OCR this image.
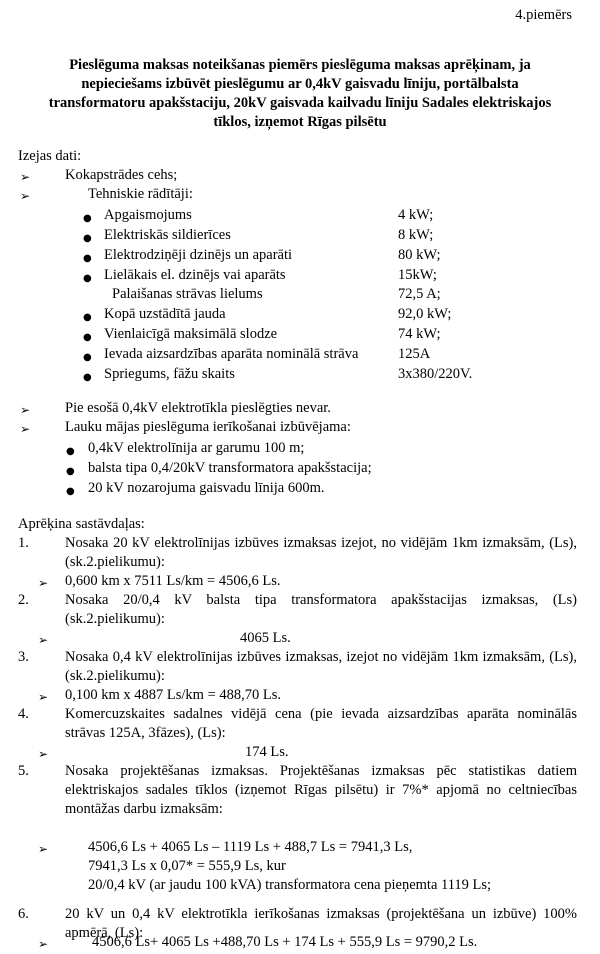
4.piemērs
Pieslēguma maksas noteikšanas piemērs pieslēguma maksas aprēķinam, ja
nepieciešams izbūvēt pieslēgumu ar 0,4kV gaisvadu līniju, portālbalsta
transformatoru apakšstaciju, 20kV gaisvada kailvadu līniju Sadales elektriskajos
tīklos, izņemot Rīgas pilsētu
Izejas dati:
➢ Kokapstrādes cehs;
➢	Tehniskie rādītāji:
● Apgaismojums	4 kW;
● Elektriskās sildierīces	8 kW;
● Elektrodziņēji dzinējs un aparāti	80 kW;
● Lielākais el. dzinējs vai aparāts	15kW;
Palaišanas strāvas lielums	72,5 A;
● Kopā uzstādītā jauda	92,0 kW;
● Vienlaicīgā maksimālā slodze	74 kW;
● Ievada aizsardzības aparāta nominālā strāva	125A
● Spriegums, fāžu skaits	3x380/220V.
➢ Pie esošā 0,4kV elektrotīkla pieslēgties nevar.
➢ Lauku mājas pieslēguma ierīkošanai izbūvējama:
● 0,4kV elektrolīnija ar garumu 100 m;
● balsta tipa 0,4/20kV transformatora apakšstacija;
● 20 kV nozarojuma gaisvadu līnija 600m.
Aprēķina sastāvdaļas:
1. Nosaka 20 kV elektrolīnijas izbūves izmaksas izejot, no vidējām 1km izmaksām, (Ls), (sk.2.pielikumu):
➢ 0,600 km x 7511 Ls/km = 4506,6 Ls.
2. Nosaka 20/0,4 kV balsta tipa transformatora apakšstacijas izmaksas, (Ls) (sk.2.pielikumu):
➢	4065 Ls.
3. Nosaka 0,4 kV elektrolīnijas izbūves izmaksas, izejot no vidējām 1km izmaksām, (Ls), (sk.2.pielikumu):
➢ 0,100 km x 4887 Ls/km = 488,70 Ls.
4. Komercuzskaites sadalnes vidējā cena (pie ievada aizsardzības aparāta nominālās strāvas 125A, 3fāzes), (Ls):
➢	174 Ls.
5. Nosaka projektēšanas izmaksas. Projektēšanas izmaksas pēc statistikas datiem elektriskajos sadales tīklos (izņemot Rīgas pilsētu) ir 7%* apjomā no celtniecības montāžas darbu izmaksām:
➢	4506,6 Ls + 4065 Ls – 1119 Ls + 488,7 Ls = 7941,3 Ls,
7941,3 Ls x 0,07* = 555,9 Ls, kur
20/0,4 kV (ar jaudu 100 kVA) transformatora cena pieņemta 1119 Ls;
6. 20 kV un 0,4 kV elektrotīkla ierīkošanas izmaksas (projektēšana un izbūve) 100% apmērā, (Ls):
➢	4506,6 Ls+ 4065 Ls +488,70 Ls + 174 Ls + 555,9 Ls = 9790,2 Ls.
